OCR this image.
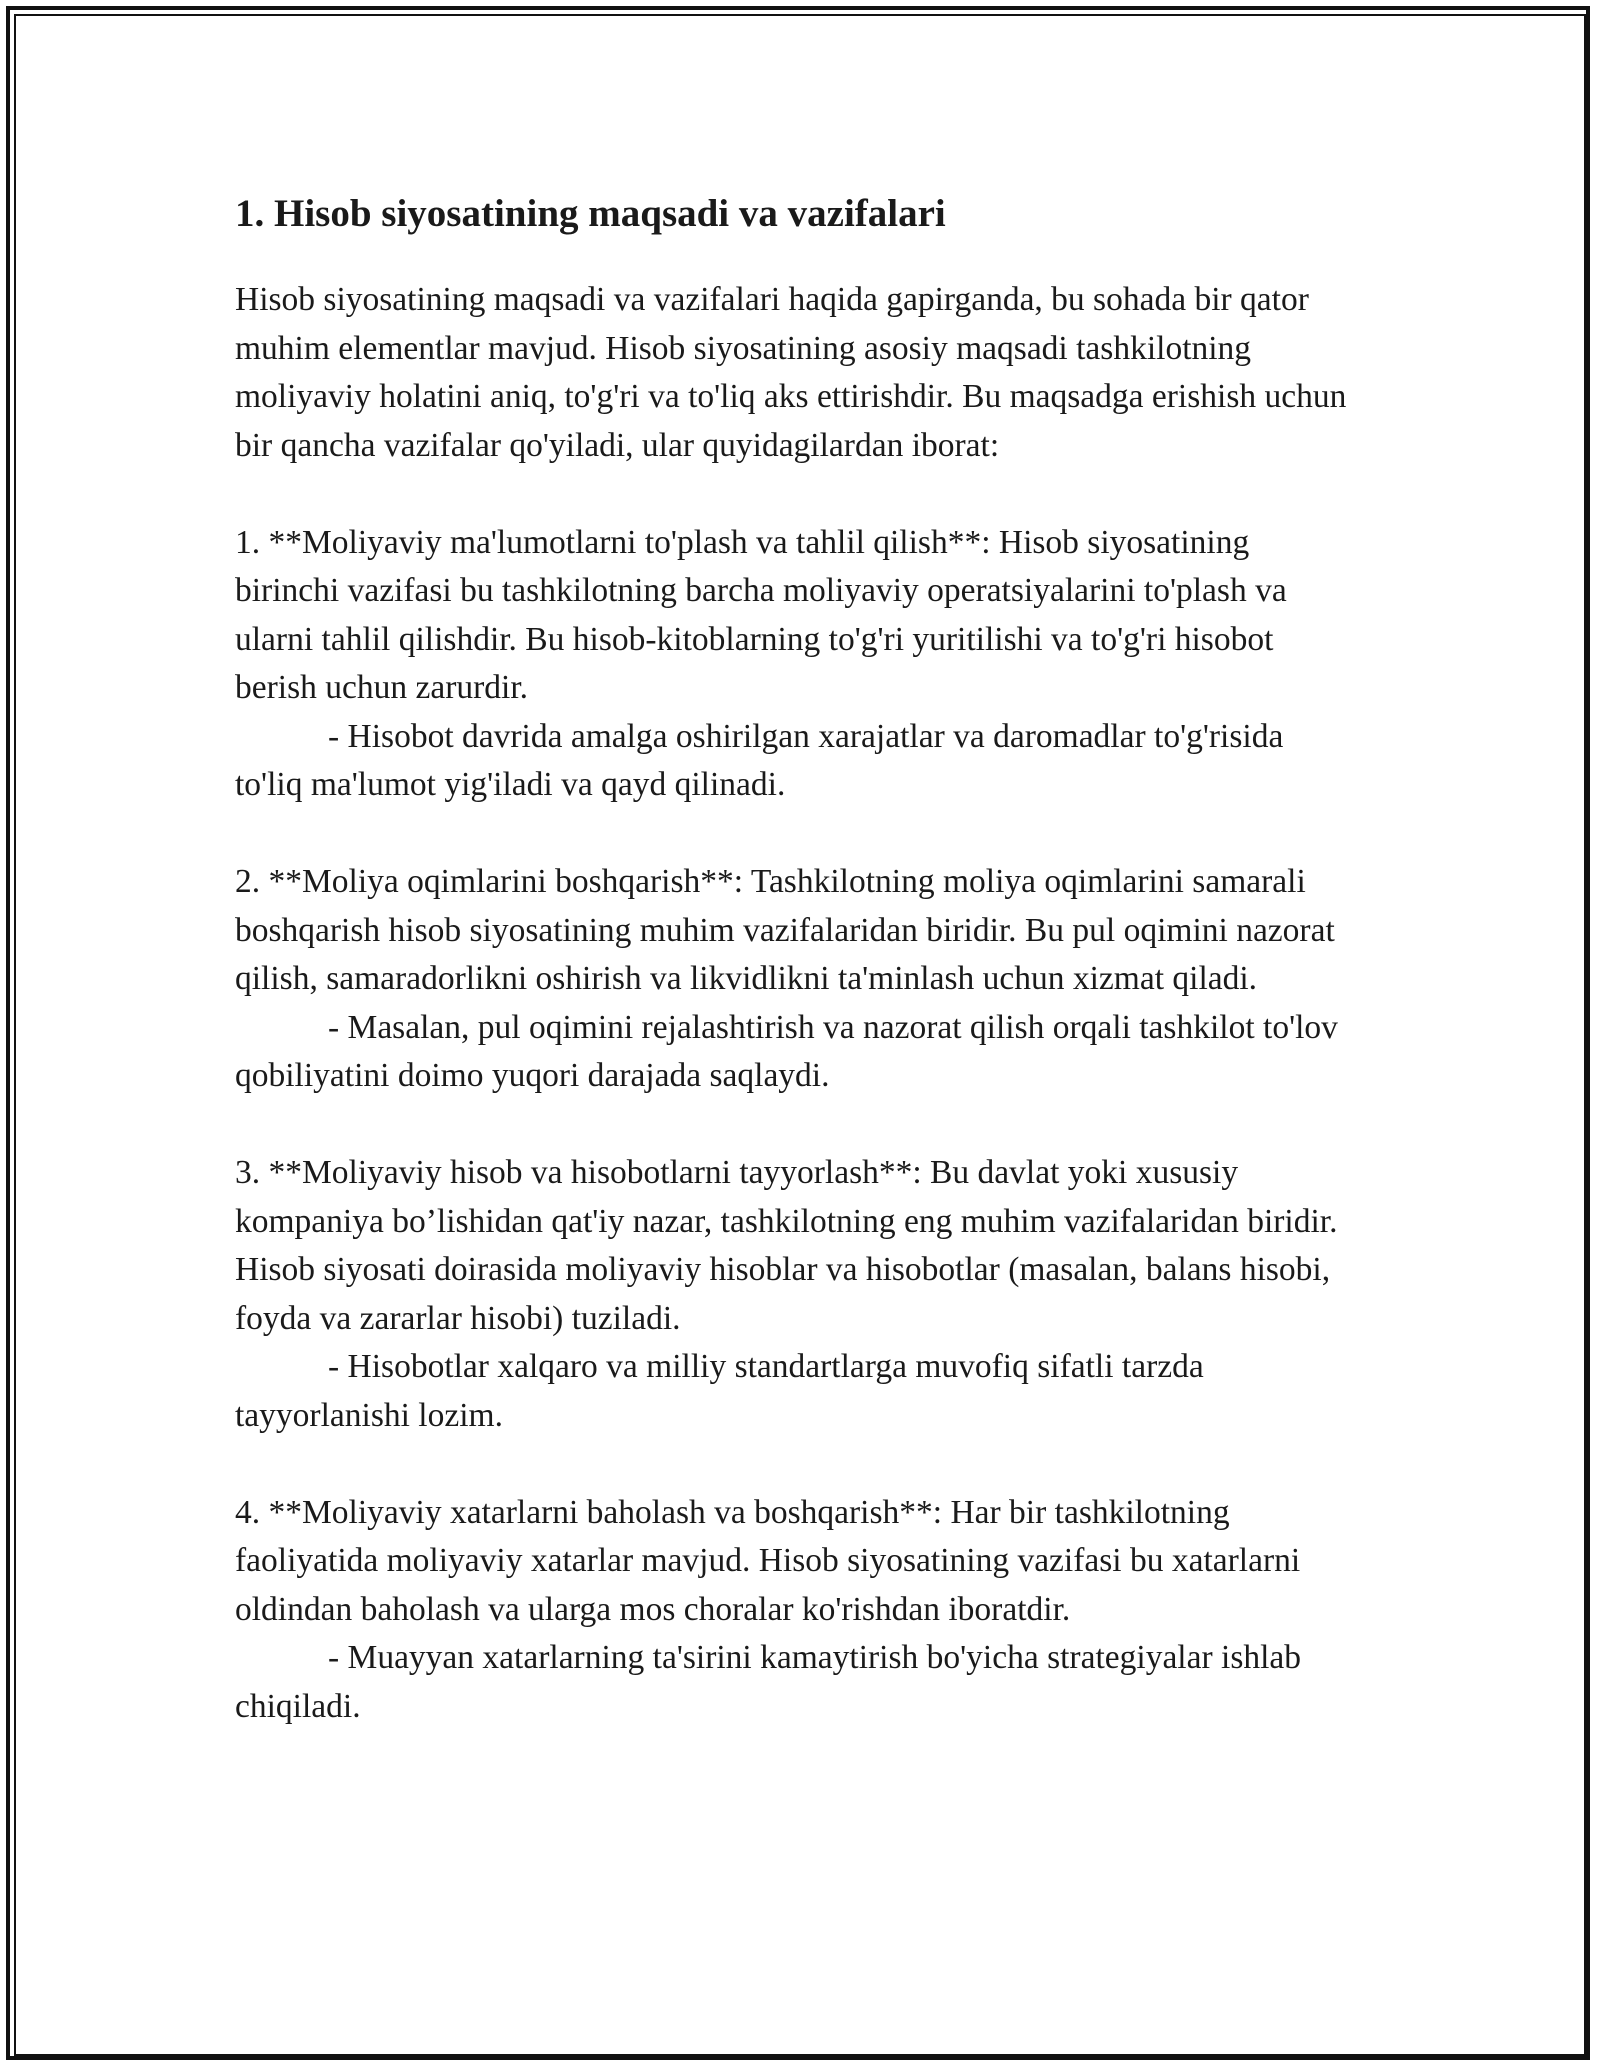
1. Hisob siyosatining maqsadi va vazifalari

Hisob siyosatining maqsadi va vazifalari haqida gapirganda, bu sohada bir qator muhim elementlar mavjud. Hisob siyosatining asosiy maqsadi tashkilotning moliyaviy holatini aniq, to'g'ri va to'liq aks ettirishdir. Bu maqsadga erishish uchun bir qancha vazifalar qo'yiladi, ular quyidagilardan iborat:

1. **Moliyaviy ma'lumotlarni to'plash va tahlil qilish**: Hisob siyosatining birinchi vazifasi bu tashkilotning barcha moliyaviy operatsiyalarini to'plash va ularni tahlil qilishdir. Bu hisob-kitoblarning to'g'ri yuritilishi va to'g'ri hisobot berish uchun zarurdir.

- Hisobot davrida amalga oshirilgan xarajatlar va daromadlar to'g'risida to'liq ma'lumot yig'iladi va qayd qilinadi.

2. **Moliya oqimlarini boshqarish**: Tashkilotning moliya oqimlarini samarali boshqarish hisob siyosatining muhim vazifalaridan biridir. Bu pul oqimini nazorat qilish, samaradorlikni oshirish va likvidlikni ta'minlash uchun xizmat qiladi.

- Masalan, pul oqimini rejalashtirish va nazorat qilish orqali tashkilot to'lov qobiliyatini doimo yuqori darajada saqlaydi.

3. **Moliyaviy hisob va hisobotlarni tayyorlash**: Bu davlat yoki xususiy kompaniya bo’lishidan qat'iy nazar, tashkilotning eng muhim vazifalaridan biridir. Hisob siyosati doirasida moliyaviy hisoblar va hisobotlar (masalan, balans hisobi, foyda va zararlar hisobi) tuziladi.

- Hisobotlar xalqaro va milliy standartlarga muvofiq sifatli tarzda tayyorlanishi lozim.

4. **Moliyaviy xatarlarni baholash va boshqarish**: Har bir tashkilotning faoliyatida moliyaviy xatarlar mavjud. Hisob siyosatining vazifasi bu xatarlarni oldindan baholash va ularga mos choralar ko'rishdan iboratdir.

- Muayyan xatarlarning ta'sirini kamaytirish bo'yicha strategiyalar ishlab chiqiladi.
